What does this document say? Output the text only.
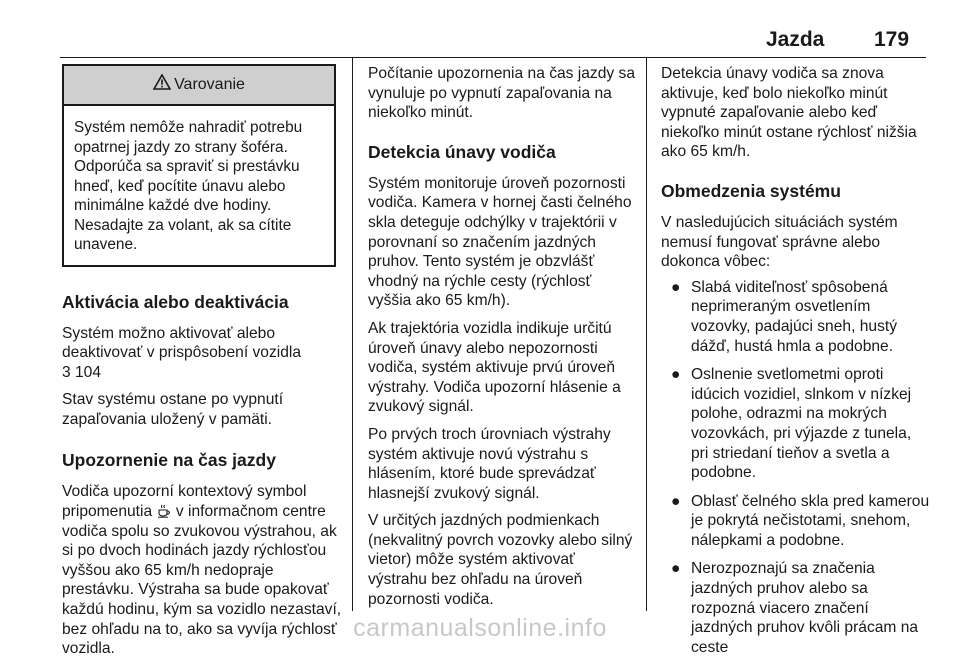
Jazda 179
Varovanie
Systém nemôže nahradiť potrebu opatrnej jazdy zo strany šoféra. Odporúča sa spraviť si prestávku hneď, keď pocítite únavu alebo minimálne každé dve hodiny. Nesadajte za volant, ak sa cítite unavene.
Aktivácia alebo deaktivácia

Systém možno aktivovať alebo deaktivovať v prispôsobení vozidla
3 104

Stav systému ostane po vypnutí zapaľovania uložený v pamäti.

Upozornenie na čas jazdy

Vodiča upozorní kontextový symbol pripomenutia v informačnom centre vodiča spolu so zvukovou výstrahou, ak si po dvoch hodinách jazdy rýchlosťou vyššou ako 65 km/h nedopraje prestávku. Výstraha sa bude opakovať každú hodinu, kým sa vozidlo nezastaví, bez ohľadu na to, ako sa vyvíja rýchlosť vozidla.

Počítanie upozornenia na čas jazdy sa vynuluje po vypnutí zapaľovania na niekoľko minút.

Detekcia únavy vodiča

Systém monitoruje úroveň pozornosti vodiča. Kamera v hornej časti čelného skla deteguje odchýlky v trajektórii v porovnaní so značením jazdných pruhov. Tento systém je obzvlášť vhodný na rýchle cesty (rýchlosť vyššia ako 65 km/h).

Ak trajektória vozidla indikuje určitú úroveň únavy alebo nepozornosti vodiča, systém aktivuje prvú úroveň výstrahy. Vodiča upozorní hlásenie a zvukový signál.

Po prvých troch úrovniach výstrahy systém aktivuje novú výstrahu s hlásením, ktoré bude sprevádzať hlasnejší zvukový signál.

V určitých jazdných podmienkach (nekvalitný povrch vozovky alebo silný vietor) môže systém aktivovať výstrahu bez ohľadu na úroveň pozornosti vodiča.

Detekcia únavy vodiča sa znova aktivuje, keď bolo niekoľko minút vypnuté zapaľovanie alebo keď niekoľko minút ostane rýchlosť nižšia ako 65 km/h.

Obmedzenia systému

V nasledujúcich situáciách systém nemusí fungovať správne alebo dokonca vôbec:

● Slabá viditeľnosť spôsobená neprimeraným osvetlením vozovky, padajúci sneh, hustý dážď, hustá hmla a podobne.
● Oslnenie svetlometmi oproti idúcich vozidiel, slnkom v nízkej polohe, odrazmi na mokrých vozovkách, pri výjazde z tunela, pri striedaní tieňov a svetla a podobne.
● Oblasť čelného skla pred kamerou je pokrytá nečistotami, snehom, nálepkami a podobne.
● Nerozpoznajú sa značenia jazdných pruhov alebo sa rozpozná viacero značení jazdných pruhov kvôli prácam na ceste
carmanualsonline.info
